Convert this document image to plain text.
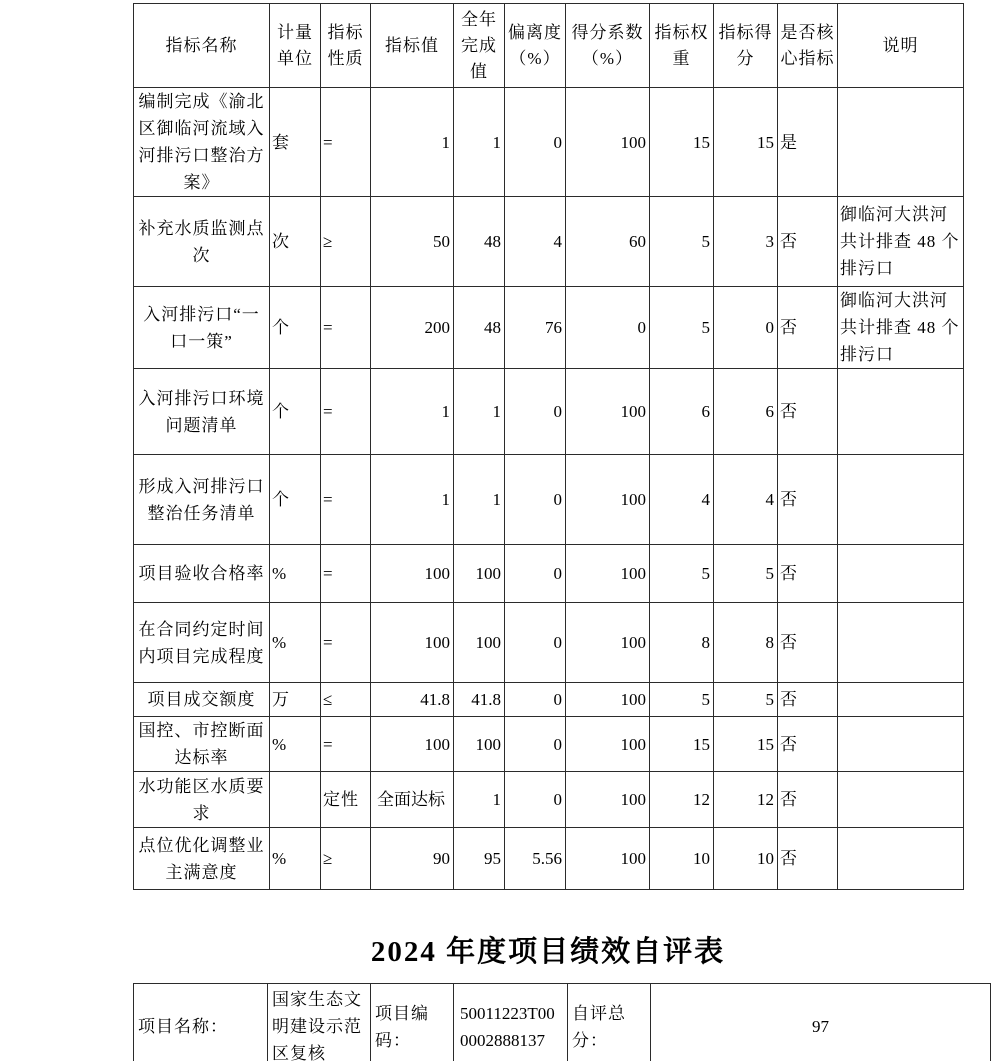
指标名称	计量单位	指标性质	指标值	全年完成值	偏离度（%）	得分系数（%）	指标权重	指标得分	是否核心指标	说明
编制完成《渝北区御临河流域入河排污口整治方案》	套	=	1	1	0	100	15	15	是	
补充水质监测点次	次	≥	50	48	4	60	5	3	否	御临河大洪河共计排查 48 个排污口
入河排污口“一口一策”	个	=	200	48	76	0	5	0	否	御临河大洪河共计排查 48 个排污口
入河排污口环境问题清单	个	=	1	1	0	100	6	6	否	
形成入河排污口整治任务清单	个	=	1	1	0	100	4	4	否	
项目验收合格率	%	=	100	100	0	100	5	5	否	
在合同约定时间内项目完成程度	%	=	100	100	0	100	8	8	否	
项目成交额度	万	≤	41.8	41.8	0	100	5	5	否	
国控、市控断面达标率	%	=	100	100	0	100	15	15	否	
水功能区水质要求		定性	全面达标	1	0	100	12	12	否	
点位优化调整业主满意度	%	≥	90	95	5.56	100	10	10	否	
2024 年度项目绩效自评表
项目名称：	国家生态文明建设示范区复核	项目编码：	50011223T000002888137	自评总分：	97
